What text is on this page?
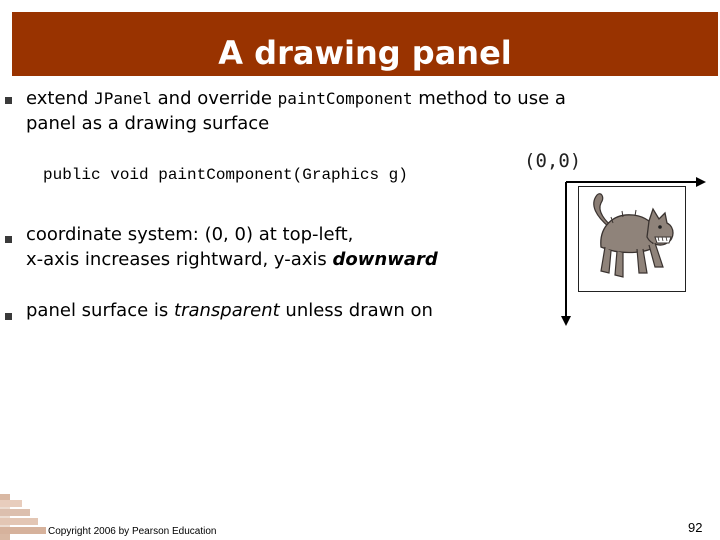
A drawing panel
extend JPanel and override paintComponent method to use a
panel as a drawing surface
public void paintComponent(Graphics g)
coordinate system: (0, 0) at top-left,
x-axis increases rightward, y-axis downward
panel surface is transparent unless drawn on
(0,0)
Copyright 2006 by Pearson Education	92
